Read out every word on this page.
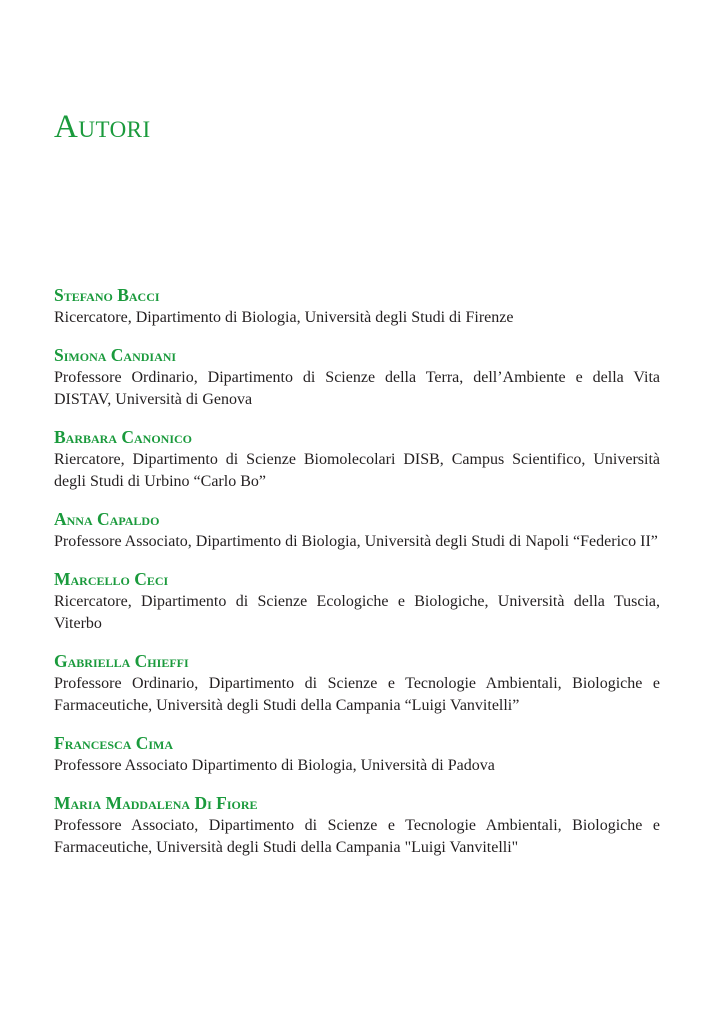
Autori
Stefano Bacci
Ricercatore, Dipartimento di Biologia, Università degli Studi di Firenze
Simona Candiani
Professore Ordinario, Dipartimento di Scienze della Terra, dell’Ambiente e della Vita DISTAV, Università di Genova
Barbara Canonico
Riercatore, Dipartimento di Scienze Biomolecolari DISB, Campus Scientifico, Università degli Studi di Urbino “Carlo Bo”
Anna Capaldo
Professore Associato, Dipartimento di Biologia, Università degli Studi di Napoli “Federico II”
Marcello Ceci
Ricercatore, Dipartimento di Scienze Ecologiche e Biologiche, Università della Tuscia, Viterbo
Gabriella Chieffi
Professore Ordinario, Dipartimento di Scienze e Tecnologie Ambientali, Biologiche e Farmaceutiche, Università degli Studi della Campania “Luigi Vanvitelli”
Francesca Cima
Professore Associato Dipartimento di Biologia, Università di Padova
Maria Maddalena Di Fiore
Professore Associato, Dipartimento di Scienze e Tecnologie Ambientali, Biologiche e Farmaceutiche, Università degli Studi della Campania "Luigi Vanvitelli"
